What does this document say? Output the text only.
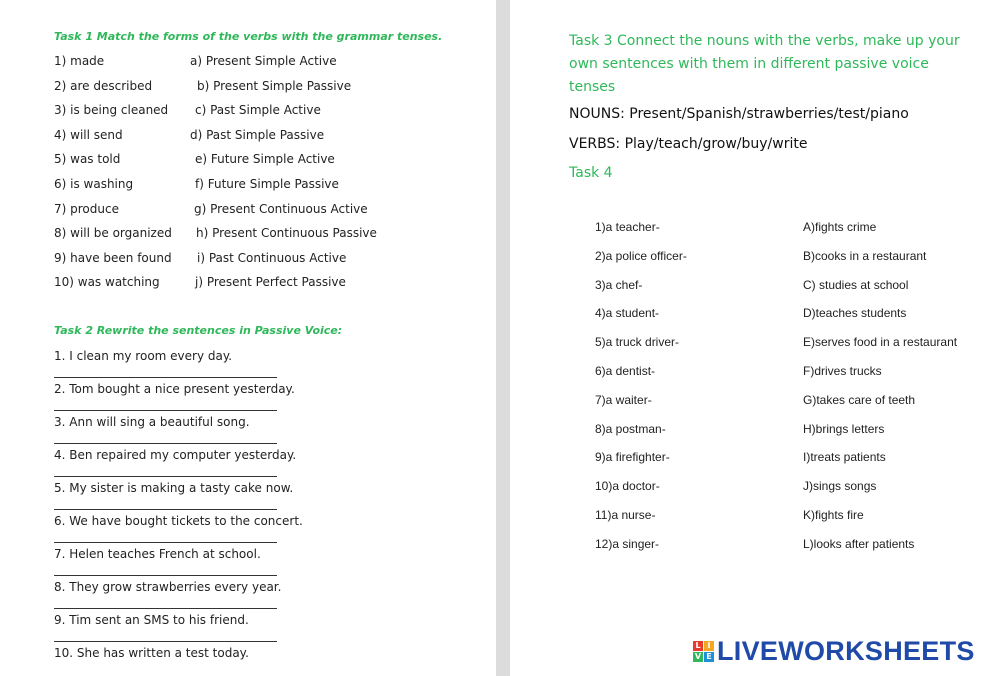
Task 1 Match the forms of the verbs with the grammar tenses.
1) made	a) Present Simple Active
2) are described	b) Present Simple Passive
3) is being cleaned c) Past Simple Active
4) will send	d) Past Simple Passive
5) was told	e) Future Simple Active
6) is washing	f) Future Simple Passive
7) produce	g) Present Continuous Active
8) will be organized h) Present Continuous Passive
9) have been found i) Past Continuous Active
10) was watching	j) Present Perfect Passive
Task 2 Rewrite the sentences in Passive Voice:
1. I clean my room every day.
2. Tom bought a nice present yesterday.
3. Ann will sing a beautiful song.
4. Ben repaired my computer yesterday.
5. My sister is making a tasty cake now.
6. We have bought tickets to the concert.
7. Helen teaches French at school.
8. They grow strawberries every year.
9. Tim sent an SMS to his friend.
10. She has written a test today.
Task 3 Connect the nouns with the verbs, make up your own sentences with them in different passive voice tenses
NOUNS: Present/Spanish/strawberries/test/piano
VERBS: Play/teach/grow/buy/write
Task 4
1)a teacher-	A)fights crime
2)a police officer-	B)cooks in a restaurant
3)a chef-	C) studies at school
4)a student-	D)teaches students
5)a truck driver-	E)serves food in a restaurant
6)a dentist-	F)drives trucks
7)a waiter-	G)takes care of teeth
8)a postman-	H)brings letters
9)a firefighter-	I)treats patients
10)a doctor-	J)sings songs
11)a nurse-	K)fights fire
12)a singer-	L)looks after patients
L I
V E LIVEWORKSHEETS
